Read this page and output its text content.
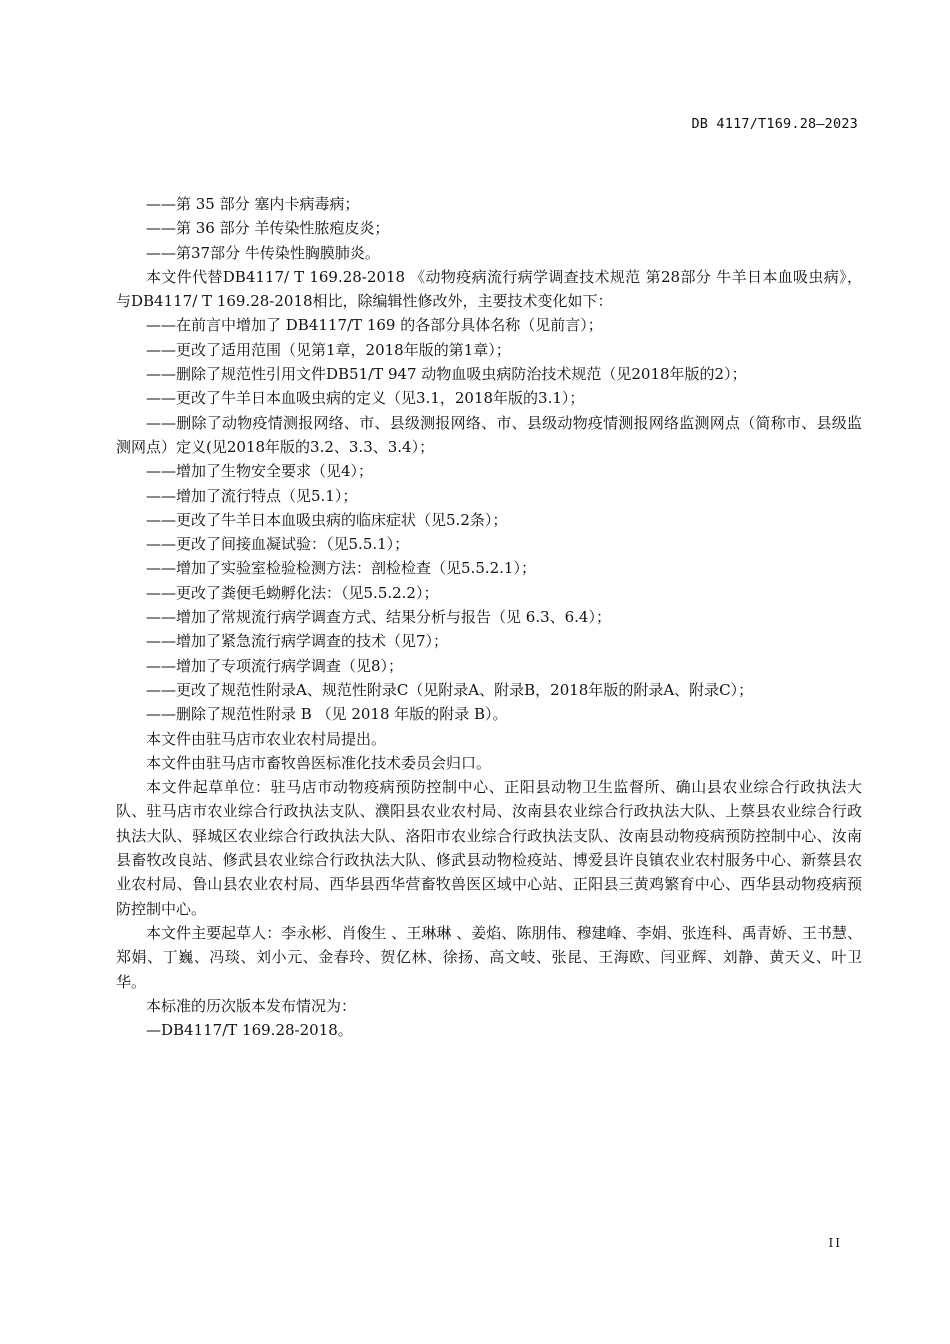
DB 4117/T169.28—2023

——第 35 部分 塞内卡病毒病；

——第 36 部分 羊传染性脓疱皮炎；

——第37部分 牛传染性胸膜肺炎。

本文件代替DB4117/ T 169.28-2018 《动物疫病流行病学调查技术规范 第28部分 牛羊日本血吸虫病》，与DB4117/ T 169.28-2018相比，除编辑性修改外，主要技术变化如下：

——在前言中增加了 DB4117/T 169 的各部分具体名称（见前言）；

——更改了适用范围（见第1章，2018年版的第1章）；

——删除了规范性引用文件DB51/T 947 动物血吸虫病防治技术规范（见2018年版的2）；

——更改了牛羊日本血吸虫病的定义（见3.1，2018年版的3.1）；

——删除了动物疫情测报网络、市、县级测报网络、市、县级动物疫情测报网络监测网点（简称市、县级监测网点）定义(见2018年版的3.2、3.3、3.4）；

——增加了生物安全要求（见4）；

——增加了流行特点（见5.1）；

——更改了牛羊日本血吸虫病的临床症状（见5.2条）；

——更改了间接血凝试验：（见5.5.1）；

——增加了实验室检验检测方法：剖检检查（见5.5.2.1）；

——更改了粪便毛蚴孵化法：（见5.5.2.2）；

——增加了常规流行病学调查方式、结果分析与报告（见 6.3、6.4）；

——增加了紧急流行病学调查的技术（见7）；

——增加了专项流行病学调查（见8）；

——更改了规范性附录A、规范性附录C（见附录A、附录B，2018年版的附录A、附录C）；

——删除了规范性附录 B （见 2018 年版的附录 B）。

本文件由驻马店市农业农村局提出。

本文件由驻马店市畜牧兽医标准化技术委员会归口。

本文件起草单位：驻马店市动物疫病预防控制中心、正阳县动物卫生监督所、确山县农业综合行政执法大队、驻马店市农业综合行政执法支队、濮阳县农业农村局、汝南县农业综合行政执法大队、上蔡县农业综合行政执法大队、驿城区农业综合行政执法大队、洛阳市农业综合行政执法支队、汝南县动物疫病预防控制中心、汝南县畜牧改良站、修武县农业综合行政执法大队、修武县动物检疫站、博爱县许良镇农业农村服务中心、新蔡县农业农村局、鲁山县农业农村局、西华县西华营畜牧兽医区域中心站、正阳县三黄鸡繁育中心、西华县动物疫病预防控制中心。

本文件主要起草人：李永彬、肖俊生 、王琳琳 、姜焰、陈朋伟、穆建峰、李娟、张连科、禹青娇、王书慧、郑娟、丁巍、冯琰、刘小元、金春玲、贺亿林、徐扬、高文岐、张昆、王海欧、闫亚辉、刘静、黄天义、叶卫华。

本标准的历次版本发布情况为：

—DB4117/T 169.28-2018。

II
